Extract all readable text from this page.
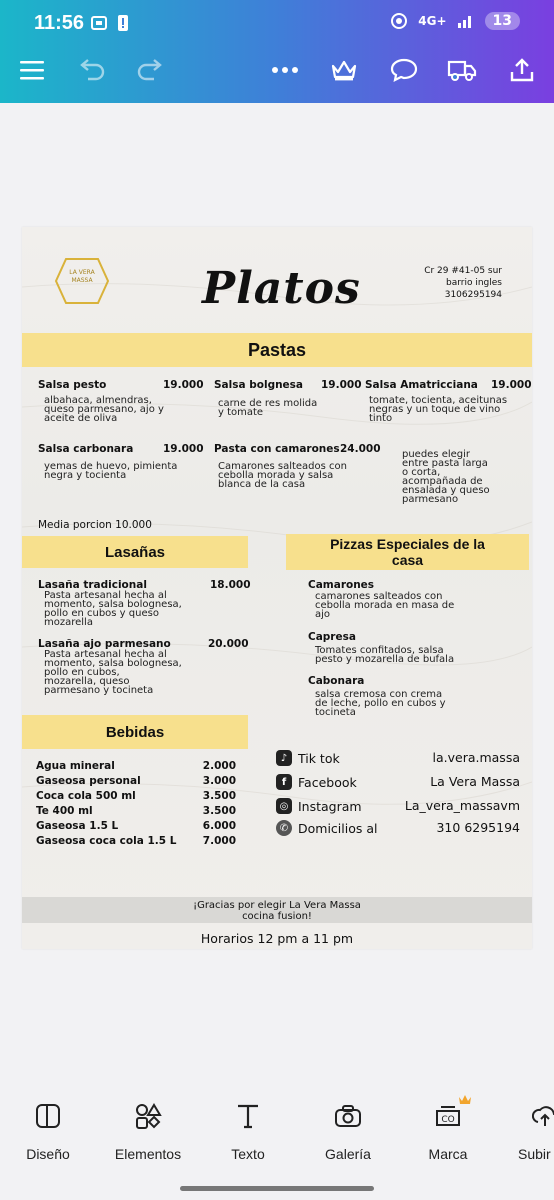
11:56	4G+	13
LA VERA
MASSA	Platos	Cr 29 #41-05 sur
barrio ingles
3106295194
Pastas
Salsa pesto	19.000
albahaca, almendras,
queso parmesano, ajo y
aceite de oliva
Salsa bolgnesa 19.000
carne de res molida
y tomate
Salsa Amatricciana 19.000
tomate, tocienta, aceitunas
negras y un toque de vino
tinto
Salsa carbonara	19.000
yemas de huevo, pimienta
negra y tocienta
Pasta con camarones 24.000
Camarones salteados con
cebolla morada y salsa
blanca de la casa
puedes elegir
entre pasta larga
o corta,
acompañada de
ensalada y queso
parmesano
Media porcion 10.000
Lasañas
Lasaña tradicional	18.000
Pasta artesanal hecha al
momento, salsa bolognesa,
pollo en cubos y queso
mozarella
Lasaña ajo parmesano	20.000
Pasta artesanal hecha al
momento, salsa bolognesa,
pollo en cubos,
mozarella, queso
parmesano y tocineta
Pizzas Especiales de la
casa
Camarones
camarones salteados con
cebolla morada en masa de
ajo
Capresa
Tomates confitados, salsa
pesto y mozarella de bufala
Cabonara
salsa cremosa con crema
de leche, pollo en cubos y
tocineta
Bebidas
Agua mineral	2.000
Gaseosa personal	3.000
Coca cola 500 ml	3.500
Te 400 ml	3.500
Gaseosa 1.5 L	6.000
Gaseosa coca cola 1.5 L	7.000
♪ Tik tok	la.vera.massa
f Facebook	La Vera Massa
◎ Instagram	La_vera_massavm
✆ Domicilios al	310 6295194
¡Gracias por elegir La Vera Massa
cocina fusion!
Horarios 12 pm a 11 pm
Diseño	Elementos	Texto	Galería
CO
Marca	Subir
